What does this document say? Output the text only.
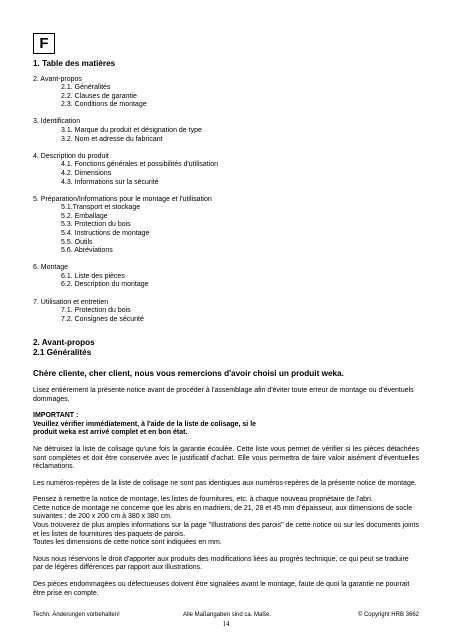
F
1. Table des matières
2. Avant-propos
2.1. Généralités
2.2. Clauses de garantie
2.3. Conditions de montage
3. Identification
3.1. Marque du produit et désignation de type
3.2. Nom et adresse du fabricant
4. Description du produit
4.1. Fonctions générales et possibilités d'utilisation
4.2. Dimensions
4.3. Informations sur la sécurité
5. Préparation/Informations pour le montage et l'utilisation
5.1.Transport et stockage
5.2. Emballage
5.3. Protection du bois
5.4. Instructions de montage
5.5. Outils
5.6. Abréviations
6. Montage
6.1. Liste des pièces
6.2. Description du montage
7. Utilisation et entretien
7.1. Protection du bois
7.2. Consignes de sécurité
2. Avant-propos
2.1 Généralités
Chère cliente, cher client, nous vous remercions d'avoir choisi un produit weka.

Lisez entièrement la présente notice avant de procéder à l'assemblage afin d'éviter toute erreur de montage ou d'éventuels dommages.

IMPORTANT :
Veuillez vérifier immédiatement, à l'aide de la liste de colisage, si le
produit weka est arrivé complet et en bon état.

Ne détruisez la liste de colisage qu'une fois la garantie écoulée. Cette liste vous permet de vérifier si les pièces détachées sont complètes et doit être conservée avec le justificatif d'achat. Elle vous permettra de faire valoir aisément d'éventuelles réclamations.

Les numéros-repères de la liste de colisage ne sont pas identiques aux numéros-repères de la présente notice de montage.

Pensez à remettre la notice de montage, les listes de fournitures, etc. à chaque nouveau propriétaire de l'abri.
Cette notice de montage ne concerne que les abris en madriers, de 21, 28 et 45 mm d'épaisseur, aux dimensions de socle suivantes : de 200 x 200 cm à 380 x 380 cm.

Vous trouverez de plus amples informations sur la page "Illustrations des parois" de cette notice ou sur les documents joints et les listes de fournitures des paquets de parois.
Toutes les dimensions de cette notice sont indiquées en mm.

Nous nous réservons le droit d'apporter aux produits des modifications liées au progrès technique, ce qui peut se traduire par de légères différences par rapport aux illustrations.

Des pièces endommagées ou défectueuses doivent être signalées avant le montage, faute de quoi la garantie ne pourrait être prise en compte.

Techn. Änderungen vorbehalten!	Alle Maßangaben sind ca. Maße.	© Copyright HRB 3662
14
